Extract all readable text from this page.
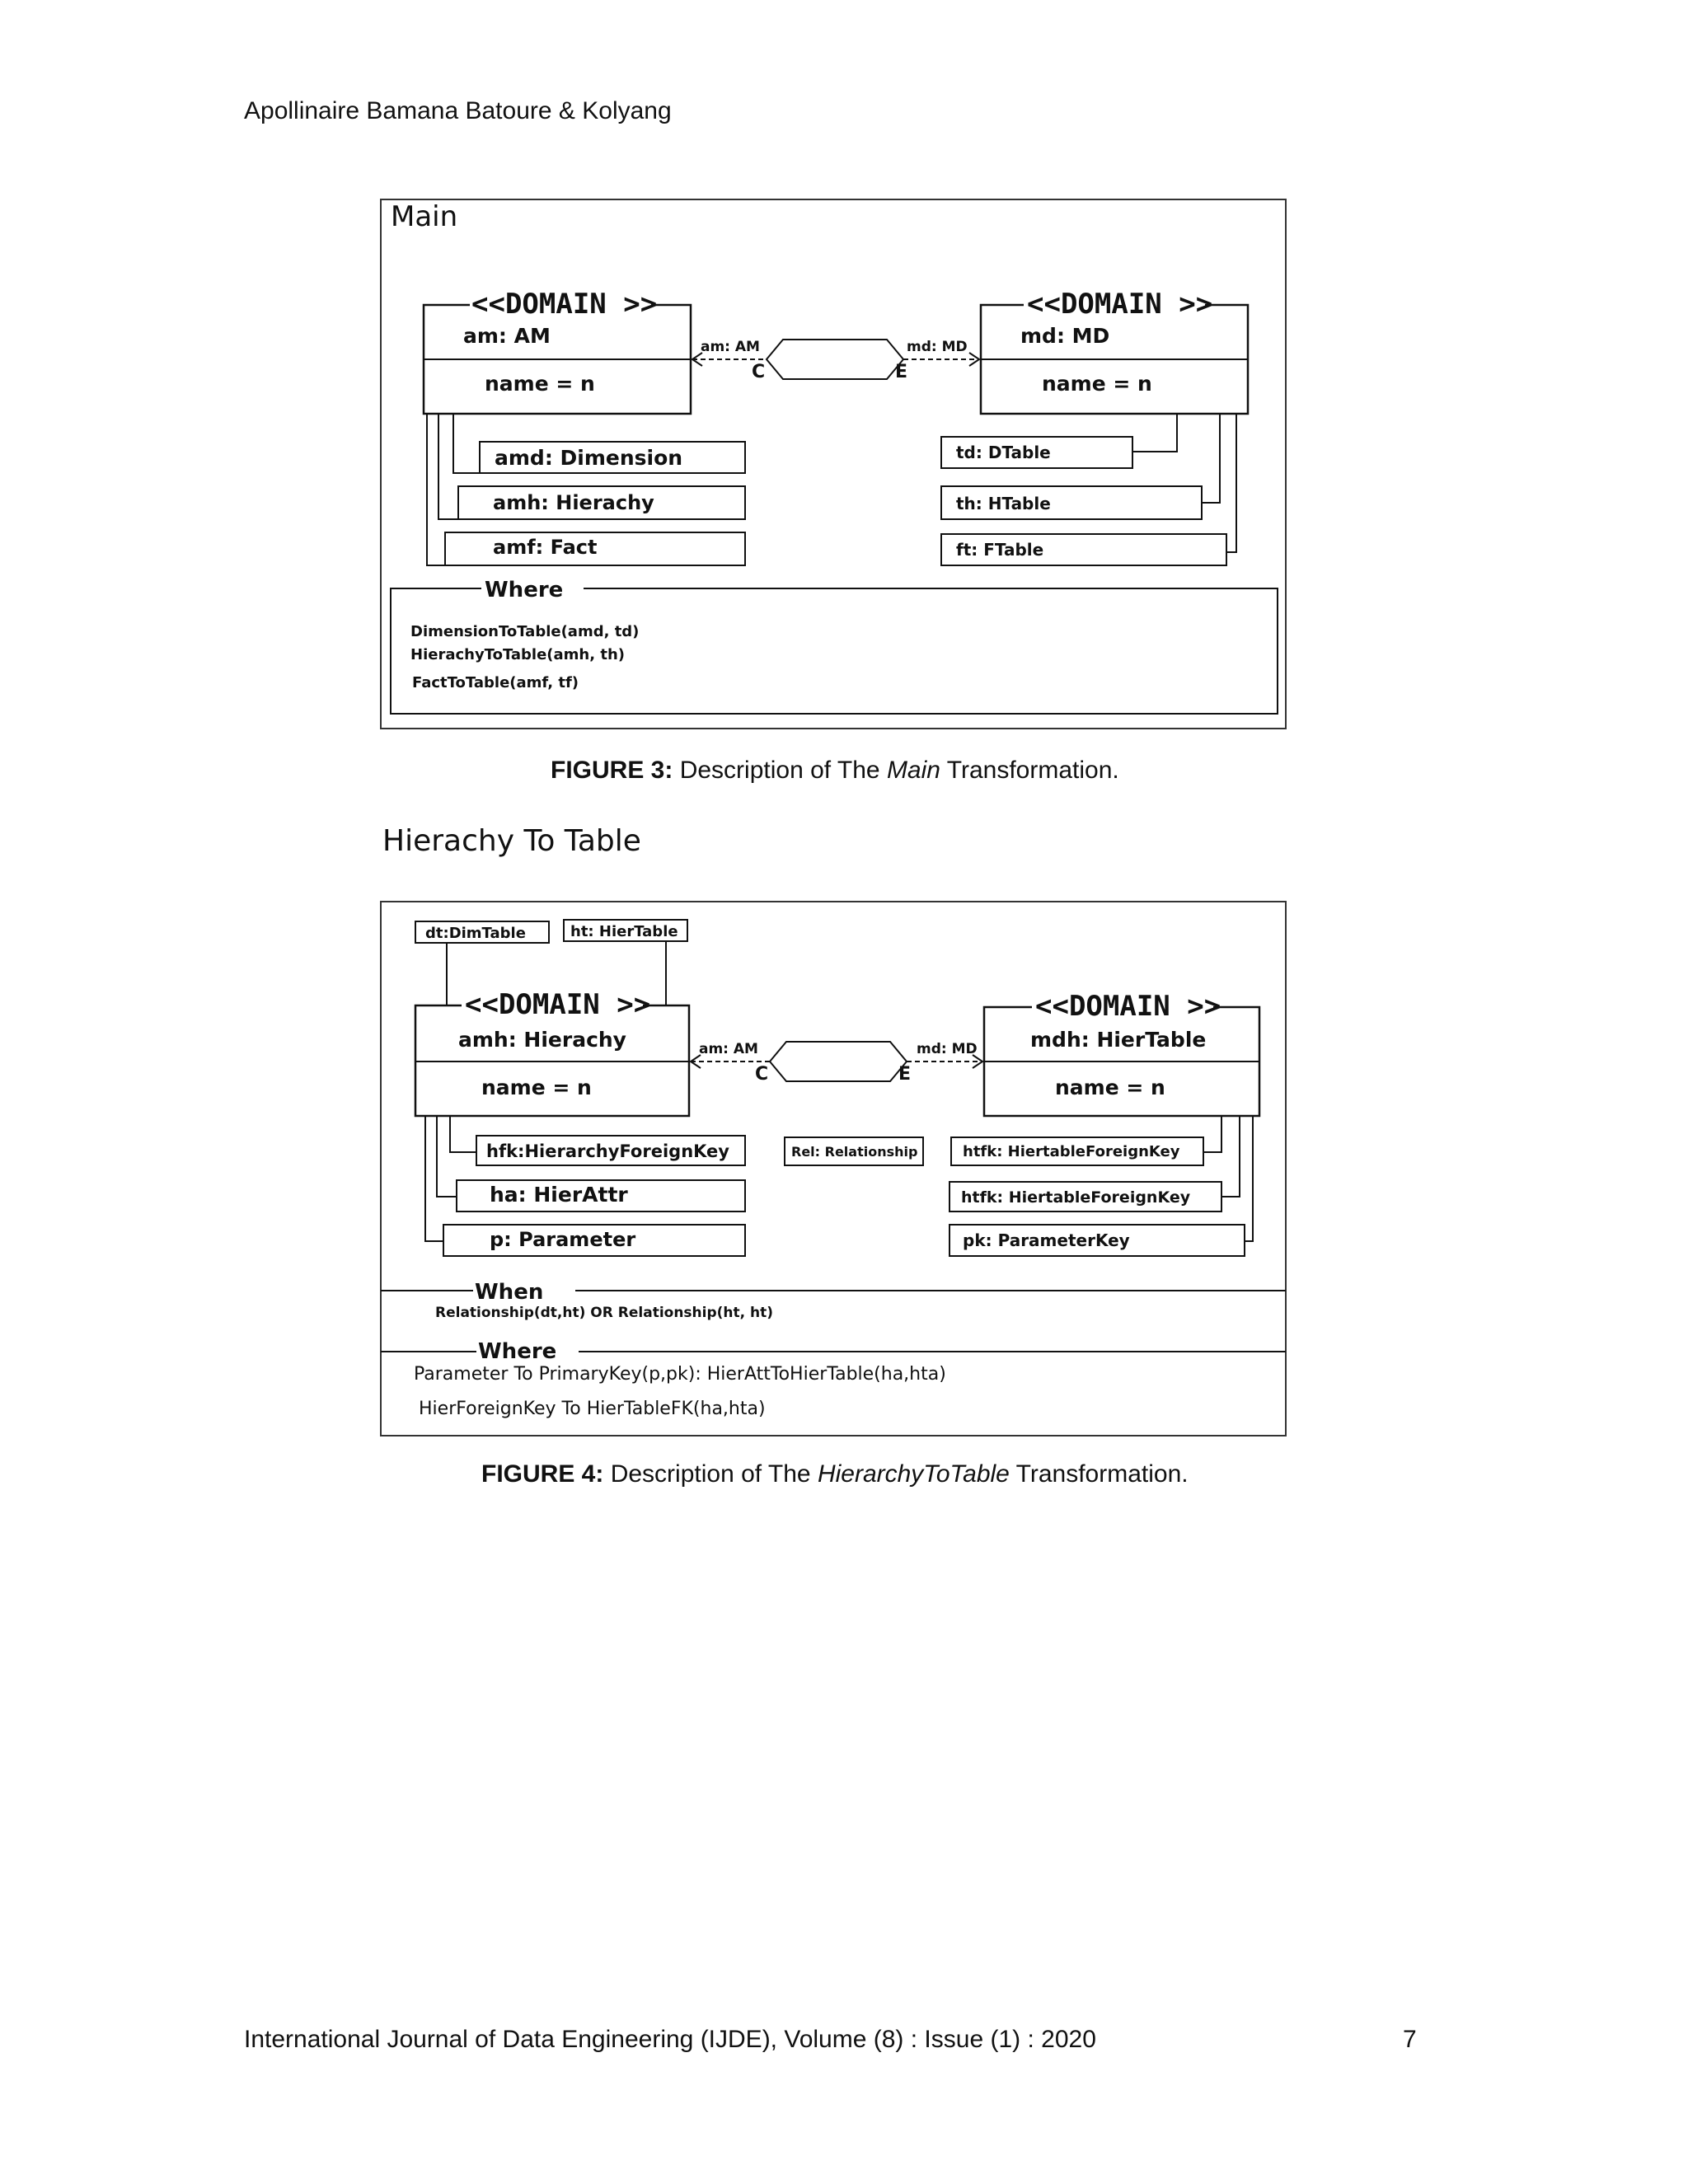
Apollinaire Bamana Batoure & Kolyang
Main
<<DOMAIN >>
am: AM
name = n
<<DOMAIN >>
md: MD
name = n
am: AM	md: MD
C	E
amd: Dimension
amh: Hierachy
amf: Fact
td: DTable
th: HTable
ft: FTable
Where
DimensionToTable(amd, td)
HierachyToTable(amh, th)
FactToTable(amf, tf)
FIGURE 3: Description of The Main Transformation.
Hierachy To Table
dt:DimTable	ht: HierTable
<<DOMAIN >>
amh: Hierachy
name = n
<<DOMAIN >>
mdh: HierTable
name = n
am: AM	md: MD
C	E
hfk:HierarchyForeignKey
ha: HierAttr
p: Parameter
Rel: Relationship	htfk: HiertableForeignKey
htfk: HiertableForeignKey
pk: ParameterKey
When
Relationship(dt,ht) OR Relationship(ht, ht)
Where
Parameter To PrimaryKey(p,pk): HierAttToHierTable(ha,hta)
HierForeignKey To HierTableFK(ha,hta)
FIGURE 4: Description of The HierarchyToTable Transformation.
International Journal of Data Engineering (IJDE), Volume (8) : Issue (1) : 2020	7
